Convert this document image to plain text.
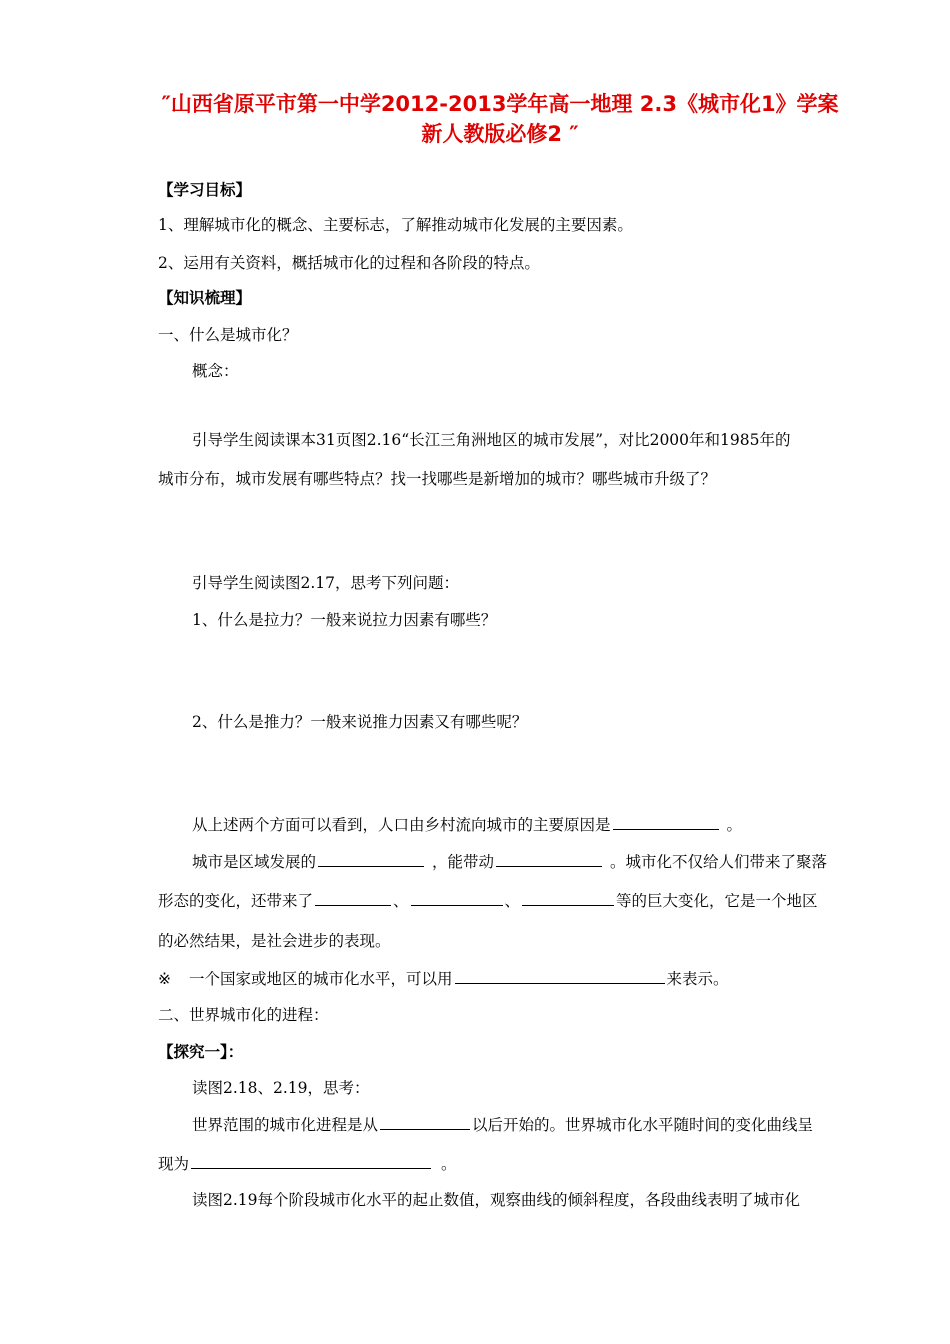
″山西省原平市第一中学2012-2013学年高一地理 2.3《城市化1》学案
新人教版必修2 ″
【学习目标】
1、理解城市化的概念、主要标志，了解推动城市化发展的主要因素。
2、运用有关资料，概括城市化的过程和各阶段的特点。
【知识梳理】
一、什么是城市化？
概念：
引导学生阅读课本31页图2.16“长江三角洲地区的城市发展”，对比2000年和1985年的
城市分布，城市发展有哪些特点？找一找哪些是新增加的城市？哪些城市升级了？
引导学生阅读图2.17，思考下列问题：
1、什么是拉力？一般来说拉力因素有哪些？
2、什么是推力？一般来说推力因素又有哪些呢？
从上述两个方面可以看到，人口由乡村流向城市的主要原因是	。
城市是区域发展的	，能带动	。城市化不仅给人们带来了聚落
形态的变化，还带来了	、	、	等的巨大变化，它是一个地区
的必然结果，是社会进步的表现。
※ 一个国家或地区的城市化水平，可以用	来表示。
二、世界城市化的进程：
【探究一】：
读图2.18、2.19，思考：
世界范围的城市化进程是从	以后开始的。世界城市化水平随时间的变化曲线呈
现为	。
读图2.19每个阶段城市化水平的起止数值，观察曲线的倾斜程度，各段曲线表明了城市化
